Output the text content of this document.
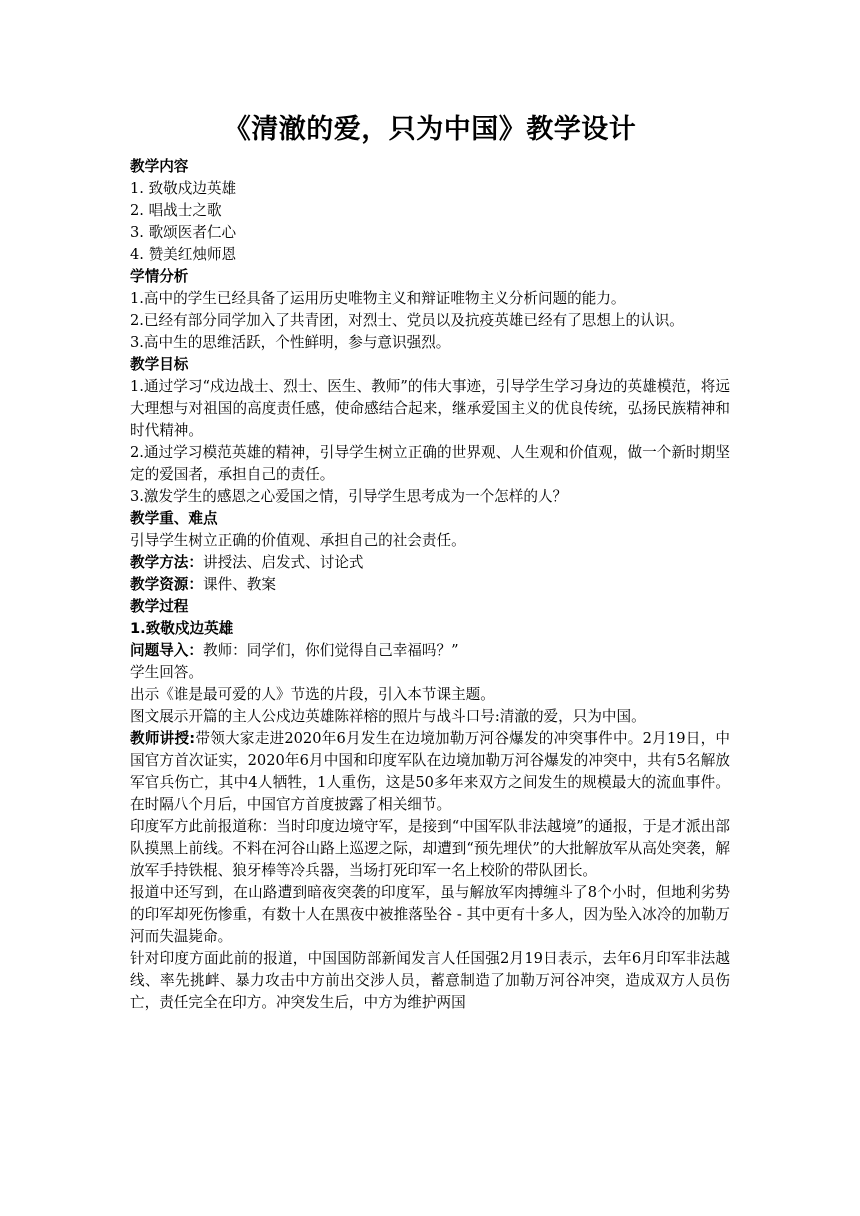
《清澈的爱，只为中国》教学设计
教学内容

1. 致敬戍边英雄

2. 唱战士之歌

3. 歌颂医者仁心

4. 赞美红烛师恩

学情分析

1.高中的学生已经具备了运用历史唯物主义和辩证唯物主义分析问题的能力。

2.已经有部分同学加入了共青团，对烈士、党员以及抗疫英雄已经有了思想上的认识。

3.高中生的思维活跃，个性鲜明，参与意识强烈。

教学目标

1.通过学习“戍边战士、烈士、医生、教师”的伟大事迹，引导学生学习身边的英雄模范，将远大理想与对祖国的高度责任感，使命感结合起来，继承爱国主义的优良传统，弘扬民族精神和时代精神。

2.通过学习模范英雄的精神，引导学生树立正确的世界观、人生观和价值观，做一个新时期坚定的爱国者，承担自己的责任。

3.激发学生的感恩之心爱国之情，引导学生思考成为一个怎样的人？

教学重、难点

引导学生树立正确的价值观、承担自己的社会责任。

教学方法：讲授法、启发式、讨论式

教学资源：课件、教案

教学过程
1.致敬戍边英雄

问题导入：教师：同学们，你们觉得自己幸福吗？”

学生回答。

出示《谁是最可爱的人》节选的片段，引入本节课主题。

图文展示开篇的主人公戍边英雄陈祥榕的照片与战斗口号:清澈的爱，只为中国。

教师讲授:带领大家走进2020年6月发生在边境加勒万河谷爆发的冲突事件中。2月19日，中国官方首次证实，2020年6月中国和印度军队在边境加勒万河谷爆发的冲突中，共有5名解放军官兵伤亡，其中4人牺牲，1人重伤，这是50多年来双方之间发生的规模最大的流血事件。在时隔八个月后，中国官方首度披露了相关细节。

印度军方此前报道称：当时印度边境守军，是接到“中国军队非法越境”的通报，于是才派出部队摸黑上前线。不料在河谷山路上巡逻之际，却遭到“预先埋伏”的大批解放军从高处突袭，解放军手持铁棍、狼牙棒等冷兵器，当场打死印军一名上校阶的带队团长。

报道中还写到，在山路遭到暗夜突袭的印度军，虽与解放军肉搏缠斗了8个小时，但地利劣势的印军却死伤惨重，有数十人在黑夜中被推落坠谷 - 其中更有十多人，因为坠入冰冷的加勒万河而失温毙命。

针对印度方面此前的报道，中国国防部新闻发言人任国强2月19日表示，去年6月印军非法越线、率先挑衅、暴力攻击中方前出交涉人员，蓄意制造了加勒万河谷冲突，造成双方人员伤亡，责任完全在印方。冲突发生后，中方为维护两国
